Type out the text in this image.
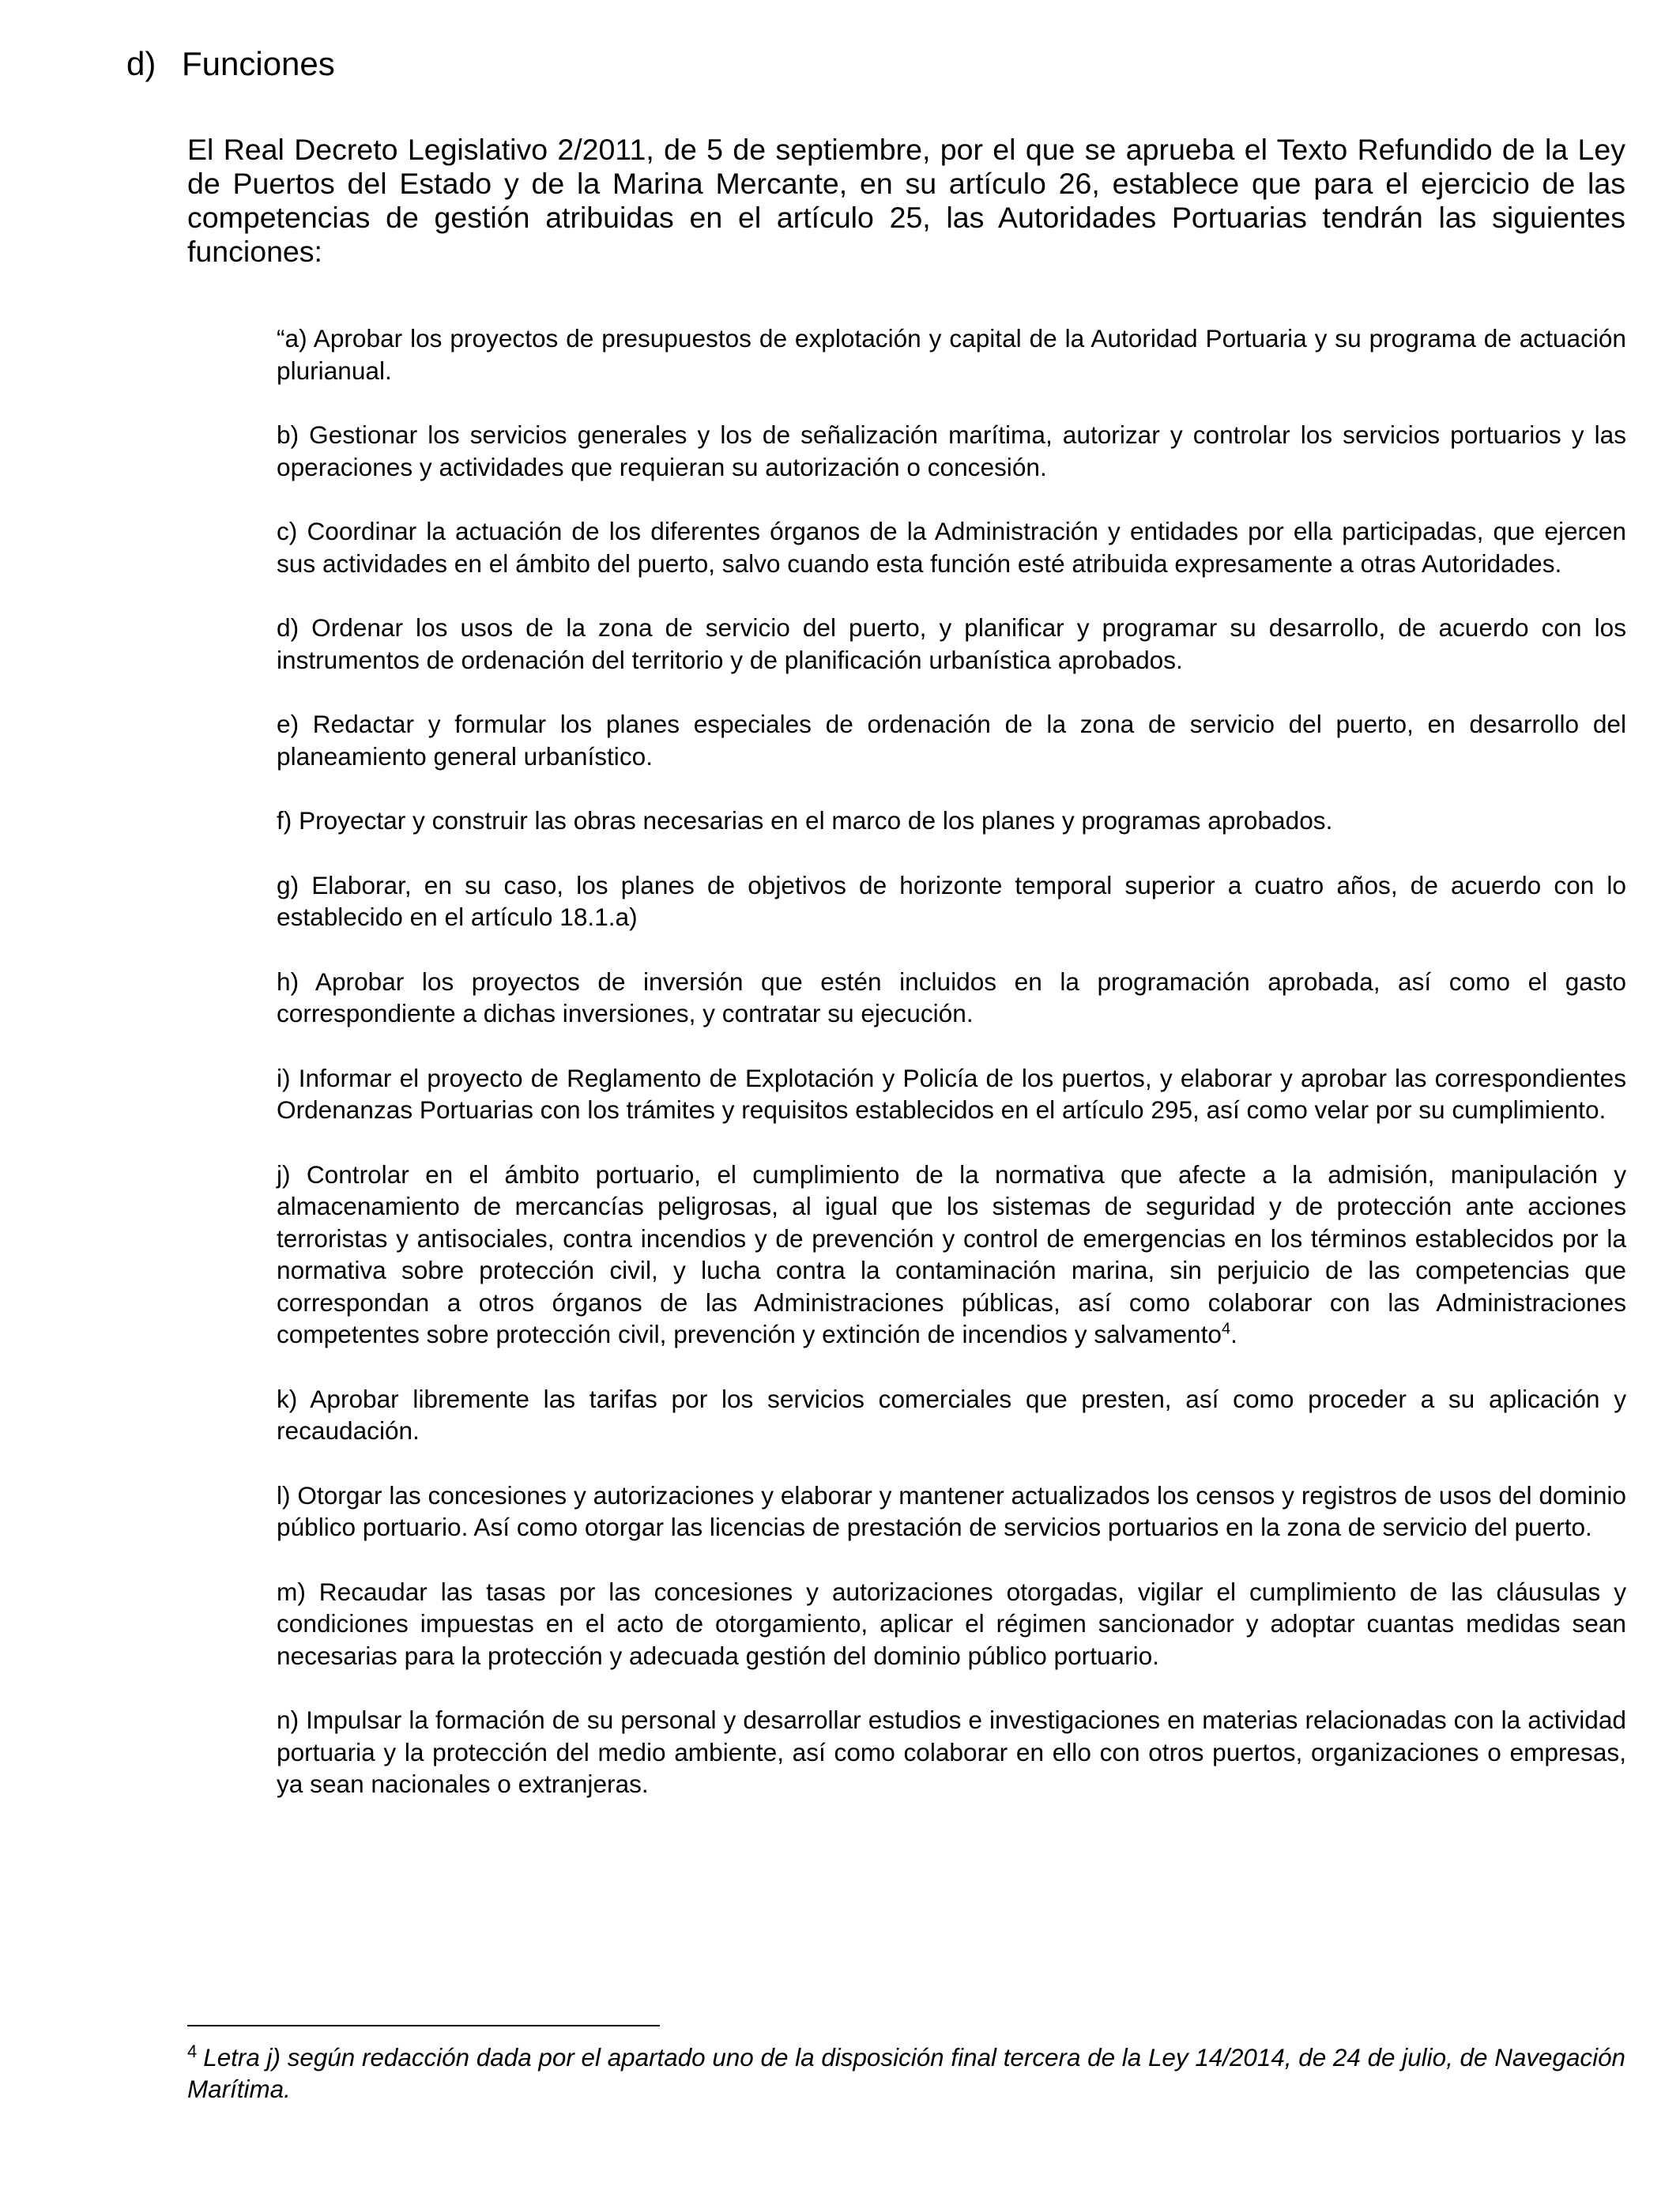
d) Funciones

El Real Decreto Legislativo 2/2011, de 5 de septiembre, por el que se aprueba el Texto Refundido de la Ley de Puertos del Estado y de la Marina Mercante, en su artículo 26, establece que para el ejercicio de las competencias de gestión atribuidas en el artículo 25, las Autoridades Portuarias tendrán las siguientes funciones:

“a) Aprobar los proyectos de presupuestos de explotación y capital de la Autoridad Portuaria y su programa de actuación plurianual.
b) Gestionar los servicios generales y los de señalización marítima, autorizar y controlar los servicios portuarios y las operaciones y actividades que requieran su autorización o concesión.
c) Coordinar la actuación de los diferentes órganos de la Administración y entidades por ella participadas, que ejercen sus actividades en el ámbito del puerto, salvo cuando esta función esté atribuida expresamente a otras Autoridades.
d) Ordenar los usos de la zona de servicio del puerto, y planificar y programar su desarrollo, de acuerdo con los instrumentos de ordenación del territorio y de planificación urbanística aprobados.
e) Redactar y formular los planes especiales de ordenación de la zona de servicio del puerto, en desarrollo del planeamiento general urbanístico.
f) Proyectar y construir las obras necesarias en el marco de los planes y programas aprobados.
g) Elaborar, en su caso, los planes de objetivos de horizonte temporal superior a cuatro años, de acuerdo con lo establecido en el artículo 18.1.a)
h) Aprobar los proyectos de inversión que estén incluidos en la programación aprobada, así como el gasto correspondiente a dichas inversiones, y contratar su ejecución.
i) Informar el proyecto de Reglamento de Explotación y Policía de los puertos, y elaborar y aprobar las correspondientes Ordenanzas Portuarias con los trámites y requisitos establecidos en el artículo 295, así como velar por su cumplimiento.
j) Controlar en el ámbito portuario, el cumplimiento de la normativa que afecte a la admisión, manipulación y almacenamiento de mercancías peligrosas, al igual que los sistemas de seguridad y de protección ante acciones terroristas y antisociales, contra incendios y de prevención y control de emergencias en los términos establecidos por la normativa sobre protección civil, y lucha contra la contaminación marina, sin perjuicio de las competencias que correspondan a otros órganos de las Administraciones públicas, así como colaborar con las Administraciones competentes sobre protección civil, prevención y extinción de incendios y salvamento$^4$.
k) Aprobar libremente las tarifas por los servicios comerciales que presten, así como proceder a su aplicación y recaudación.
l) Otorgar las concesiones y autorizaciones y elaborar y mantener actualizados los censos y registros de usos del dominio público portuario. Así como otorgar las licencias de prestación de servicios portuarios en la zona de servicio del puerto.
m) Recaudar las tasas por las concesiones y autorizaciones otorgadas, vigilar el cumplimiento de las cláusulas y condiciones impuestas en el acto de otorgamiento, aplicar el régimen sancionador y adoptar cuantas medidas sean necesarias para la protección y adecuada gestión del dominio público portuario.
n) Impulsar la formación de su personal y desarrollar estudios e investigaciones en materias relacionadas con la actividad portuaria y la protección del medio ambiente, así como colaborar en ello con otros puertos, organizaciones o empresas, ya sean nacionales o extranjeras.

$^4$ Letra j) según redacción dada por el apartado uno de la disposición final tercera de la Ley 14/2014, de 24 de julio, de Navegación Marítima.
